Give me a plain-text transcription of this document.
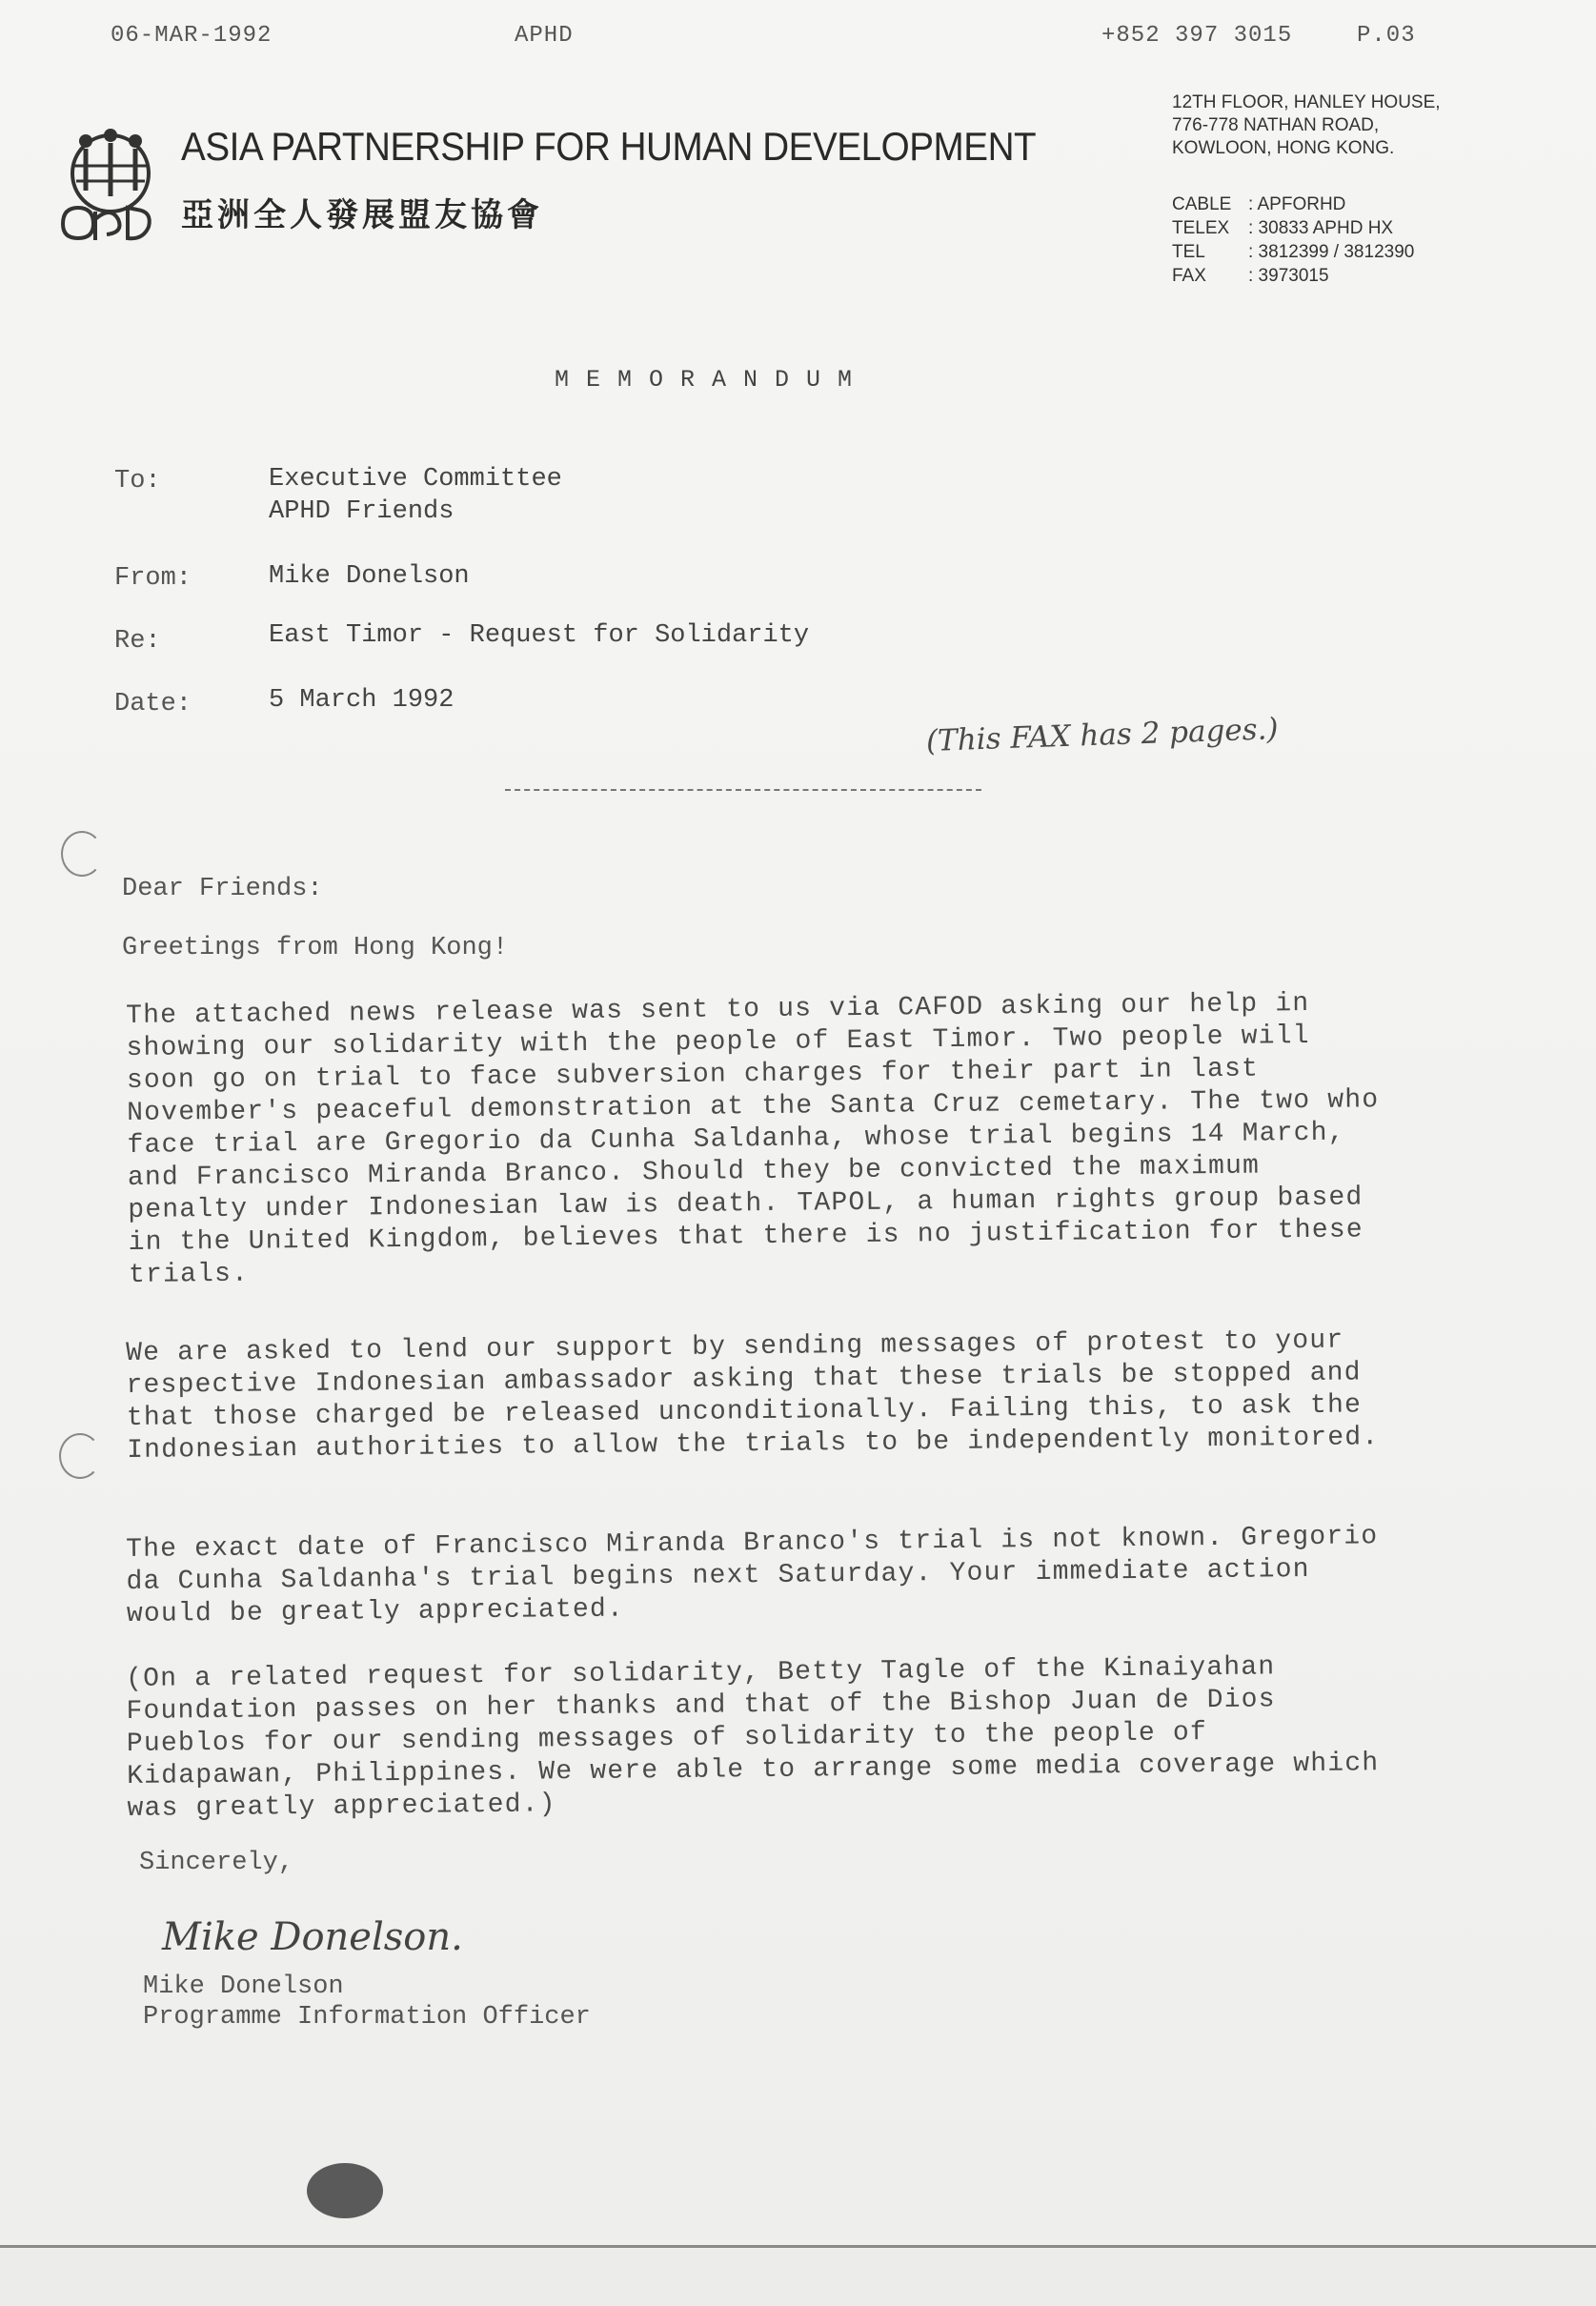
06-MAR-1992	APHD	+852 397 3015	P.03
ASIA PARTNERSHIP FOR HUMAN DEVELOPMENT
亞洲全人發展盟友協會
12TH FLOOR, HANLEY HOUSE,
776-778 NATHAN ROAD,
KOWLOON, HONG KONG.
CABLE : APFORHD
TELEX	: 30833 APHD HX
TEL	: 3812399 / 3812390
FAX	: 3973015
MEMORANDUM
To:	Executive Committee
APHD Friends
From:	Mike Donelson
Re:	East Timor - Request for Solidarity
Date:	5 March 1992
(This FAX has 2 pages.)
Dear Friends:
Greetings from Hong Kong!

The attached news release was sent to us via CAFOD asking our help in showing our solidarity with the people of East Timor. Two people will soon go on trial to face subversion charges for their part in last November's peaceful demonstration at the Santa Cruz cemetary. The two who face trial are Gregorio da Cunha Saldanha, whose trial begins 14 March, and Francisco Miranda Branco. Should they be convicted the maximum penalty under Indonesian law is death. TAPOL, a human rights group based in the United Kingdom, believes that there is no justification for these trials.

We are asked to lend our support by sending messages of protest to your respective Indonesian ambassador asking that these trials be stopped and that those charged be released unconditionally. Failing this, to ask the Indonesian authorities to allow the trials to be independently monitored.

The exact date of Francisco Miranda Branco's trial is not known. Gregorio da Cunha Saldanha's trial begins next Saturday. Your immediate action would be greatly appreciated.

(On a related request for solidarity, Betty Tagle of the Kinaiyahan Foundation passes on her thanks and that of the Bishop Juan de Dios Pueblos for our sending messages of solidarity to the people of Kidapawan, Philippines. We were able to arrange some media coverage which was greatly appreciated.)

Sincerely,
Mike Donelson.
Mike Donelson
Programme Information Officer
